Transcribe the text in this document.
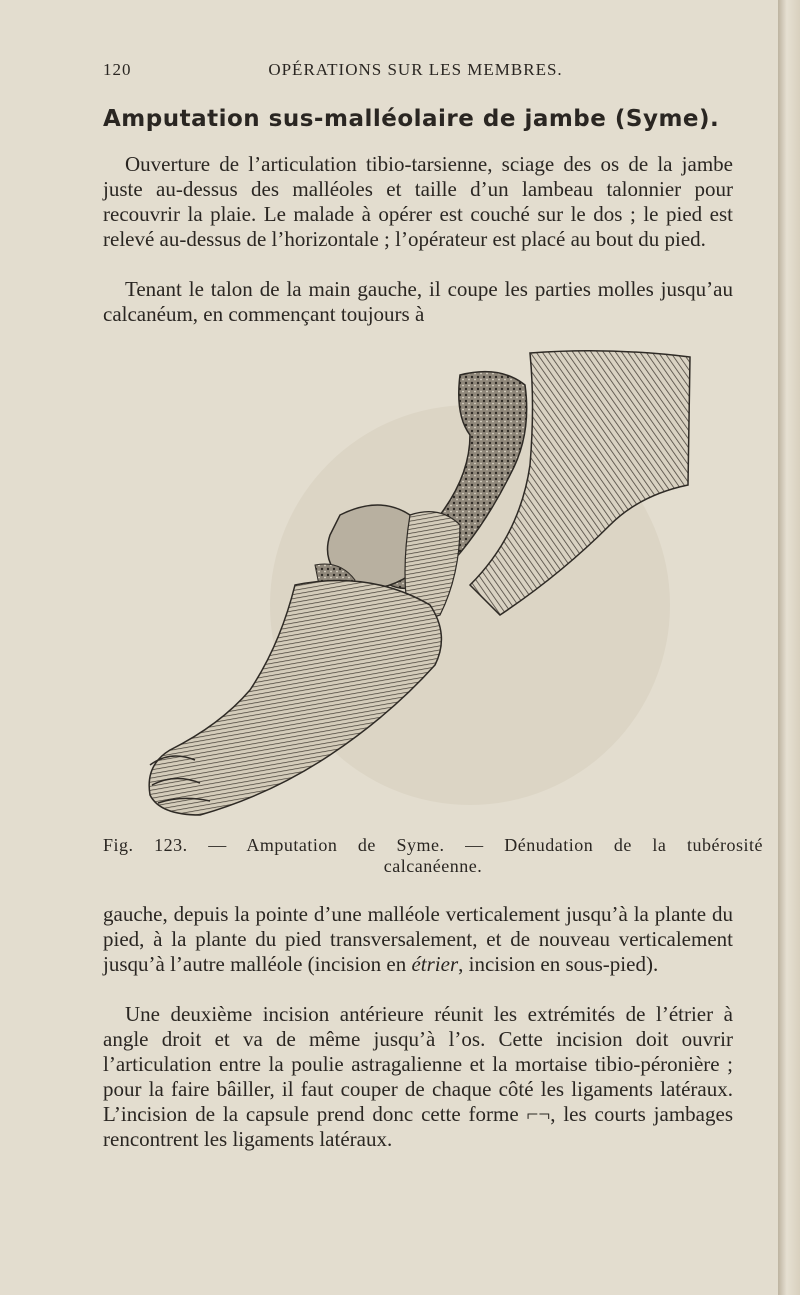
120	OPÉRATIONS SUR LES MEMBRES.
Amputation sus-malléolaire de jambe (Syme).

Ouverture de l’articulation tibio-tarsienne, sciage des os de la jambe juste au-dessus des malléoles et taille d’un lambeau talonnier pour recouvrir la plaie. Le malade à opérer est couché sur le dos ; le pied est relevé au-dessus de l’horizontale ; l’opérateur est placé au bout du pied.

Tenant le talon de la main gauche, il coupe les parties molles jusqu’au calcanéum, en commençant toujours à

Fig. 123. — Amputation de Syme. — Dénudation de la tubérosité
calcanéenne.

gauche, depuis la pointe d’une malléole verticalement jusqu’à la plante du pied, à la plante du pied transversalement, et de nouveau verticalement jusqu’à l’autre malléole (incision en étrier, incision en sous-pied).

Une deuxième incision antérieure réunit les extrémités de l’étrier à angle droit et va de même jusqu’à l’os. Cette incision doit ouvrir l’articulation entre la poulie astragalienne et la mortaise tibio-péronière ; pour la faire bâiller, il faut couper de chaque côté les ligaments latéraux. L’incision de la capsule prend donc cette forme ⌐¬, les courts jambages rencontrent les ligaments latéraux.
